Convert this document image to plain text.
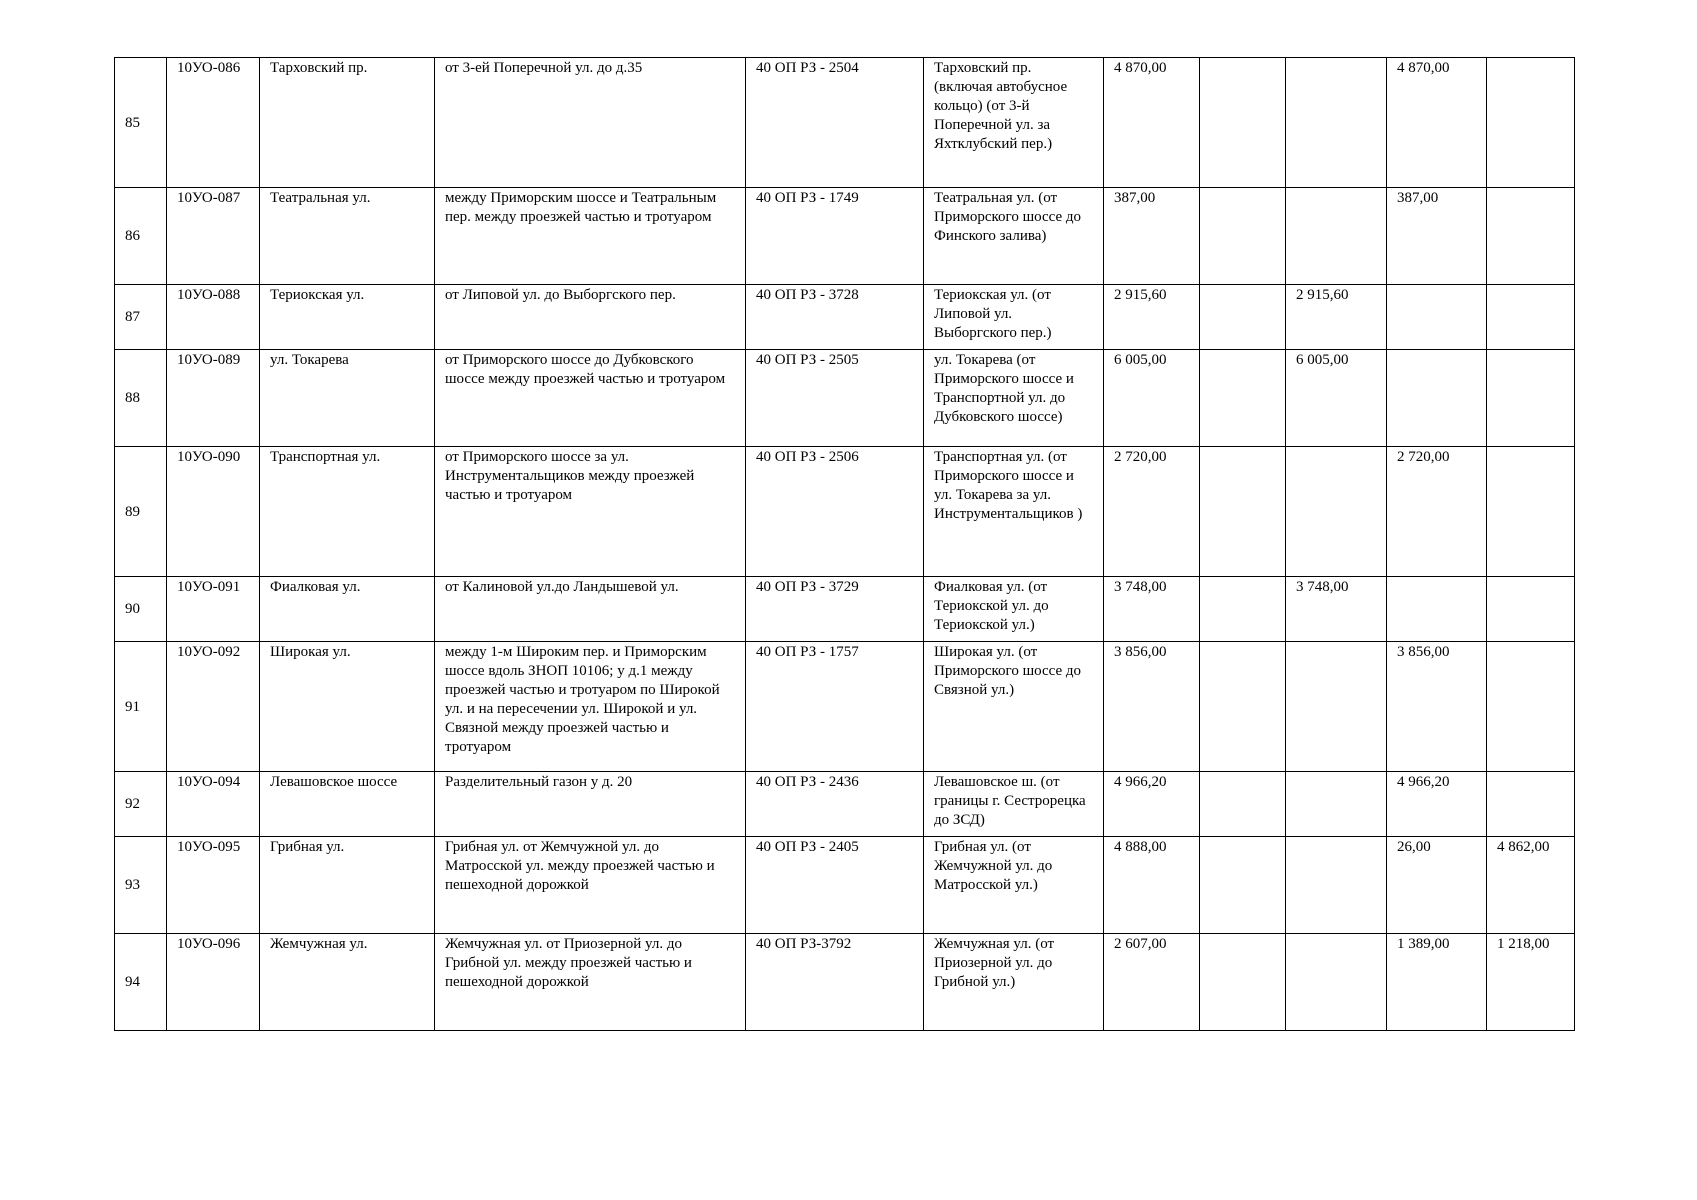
85	10УО-086	Тарховский пр.	от 3-ей Поперечной ул. до д.35	40 ОП РЗ - 2504	Тарховский пр. (включая автобусное кольцо) (от 3-й Поперечной ул. за Яхтклубский пер.)	4 870,00			4 870,00	
86	10УО-087	Театральная ул.	между Приморским шоссе и Театральным пер. между проезжей частью и тротуаром	40 ОП РЗ - 1749	Театральная ул. (от Приморского шоссе до Финского залива)	387,00			387,00	
87	10УО-088	Териокская ул.	от Липовой ул. до Выборгского пер.	40 ОП РЗ - 3728	Териокская ул. (от Липовой ул. Выборгского пер.)	2 915,60		2 915,60		
88	10УО-089	ул. Токарева	от Приморского шоссе до Дубковского шоссе между проезжей частью и тротуаром	40 ОП РЗ - 2505	ул. Токарева (от Приморского шоссе и Транспортной ул. до Дубковского шоссе)	6 005,00		6 005,00		
89	10УО-090	Транспортная ул.	от Приморского шоссе за ул. Инструментальщиков между проезжей частью и тротуаром	40 ОП РЗ - 2506	Транспортная ул. (от Приморского шоссе и ул. Токарева за ул. Инструментальщиков )	2 720,00			2 720,00	
90	10УО-091	Фиалковая ул.	от Калиновой ул.до Ландышевой ул.	40 ОП РЗ - 3729	Фиалковая ул. (от Териокской ул. до Териокской ул.)	3 748,00		3 748,00		
91	10УО-092	Широкая ул.	между 1-м Широким пер. и Приморским шоссе вдоль ЗНОП 10106; у д.1 между проезжей частью и тротуаром по Широкой ул. и на пересечении ул. Широкой и ул. Связной между проезжей частью и тротуаром	40 ОП РЗ - 1757	Широкая ул. (от Приморского шоссе до Связной ул.)	3 856,00			3 856,00	
92	10УО-094	Левашовское шоссе	Разделительный газон у д. 20	40 ОП РЗ - 2436	Левашовское ш. (от границы г. Сестрорецка до ЗСД)	4 966,20			4 966,20	
93	10УО-095	Грибная ул.	Грибная ул. от Жемчужной ул. до Матросской ул. между проезжей частью и пешеходной дорожкой	40 ОП РЗ - 2405	Грибная ул. (от Жемчужной ул. до Матросской ул.)	4 888,00			26,00	4 862,00
94	10УО-096	Жемчужная ул.	Жемчужная ул. от Приозерной ул. до Грибной ул. между проезжей частью и пешеходной дорожкой	40 ОП РЗ-3792	Жемчужная ул. (от Приозерной ул. до Грибной ул.)	2 607,00			1 389,00	1 218,00
